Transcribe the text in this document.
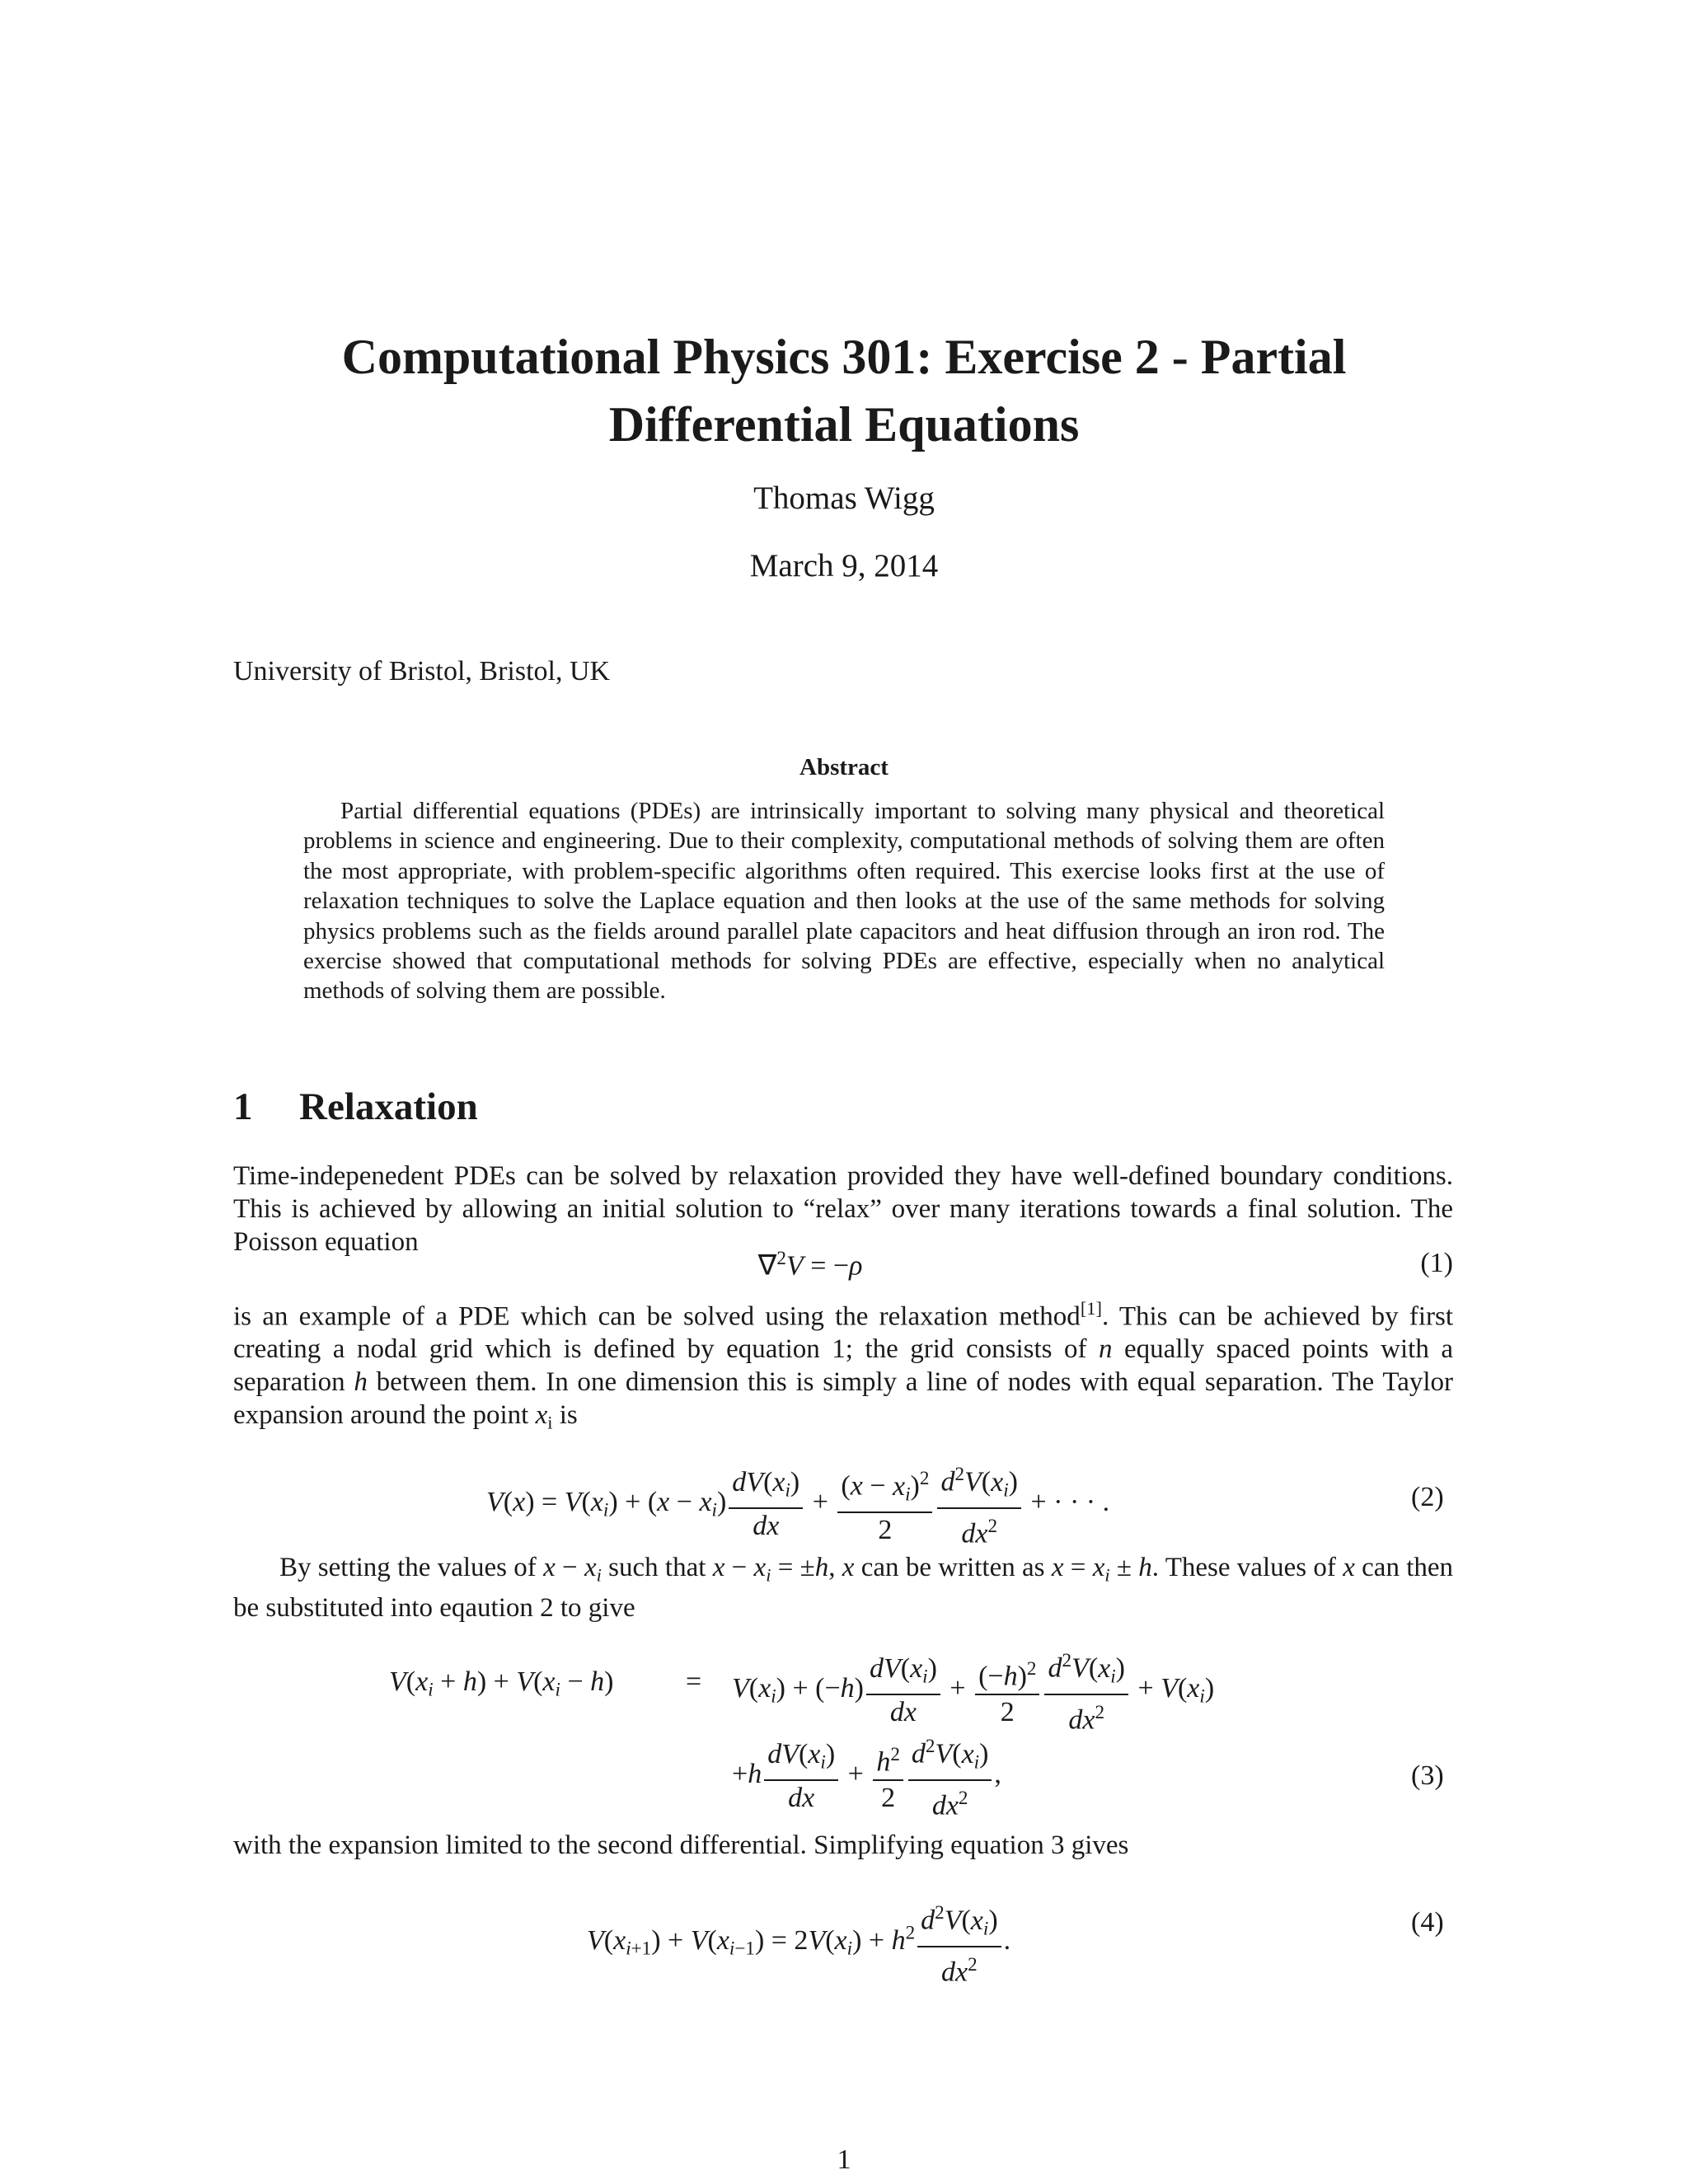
Computational Physics 301: Exercise 2 - Partial
Differential Equations
Thomas Wigg
March 9, 2014
University of Bristol, Bristol, UK
Abstract

Partial differential equations (PDEs) are intrinsically important to solving many physical and theoretical problems in science and engineering. Due to their complexity, computational methods of solving them are often the most appropriate, with problem-specific algorithms often required. This exercise looks first at the use of relaxation techniques to solve the Laplace equation and then looks at the use of the same methods for solving physics problems such as the fields around parallel plate capacitors and heat diffusion through an iron rod. The exercise showed that computational methods for solving PDEs are effective, especially when no analytical methods of solving them are possible.

1 Relaxation

Time-indepenedent PDEs can be solved by relaxation provided they have well-defined boundary conditions. This is achieved by allowing an initial solution to “relax” over many iterations towards a final solution. The Poisson equation

∇$^2$V = −ρ	(1)

is an example of a PDE which can be solved using the relaxation method[1]. This can be achieved by first creating a nodal grid which is defined by equation 1; the grid consists of n equally spaced points with a separation h between them. In one dimension this is simply a line of nodes with equal separation. The Taylor expansion around the point $x_i$ is

$V(x) = V(x_i) + (x - x_i) \frac{dV(x_i)}{dx} + \frac{(x - x_i)^2}{2} \frac{d^2V(x_i)}{dx^2}$ + · · · .	(2)

By setting the values of $x - x_i$ such that $x - x_i = \pm h$, x can be written as $x = x_i \pm h$. These values of x can then be substituted into eqaution 2 to give

$V(x_i + h) + V(x_i - h)$	= $V(x_i) + (-h) \frac{dV(x_i)}{dx} + \frac{(-h)^2}{2} \frac{d^2V(x_i)}{dx^2} + V(x_i)$
$+h \frac{dV(x_i)}{dx} + \frac{h^2}{2} \frac{d^2V(x_i)}{dx^2}$ ,	(3)

with the expansion limited to the second differential. Simplifying equation 3 gives

$V(x_{i+1}) + V(x_{i-1}) = 2V(x_i) + h^2 \frac{d^2V(x_i)}{dx^2}$ .
(4)
1
